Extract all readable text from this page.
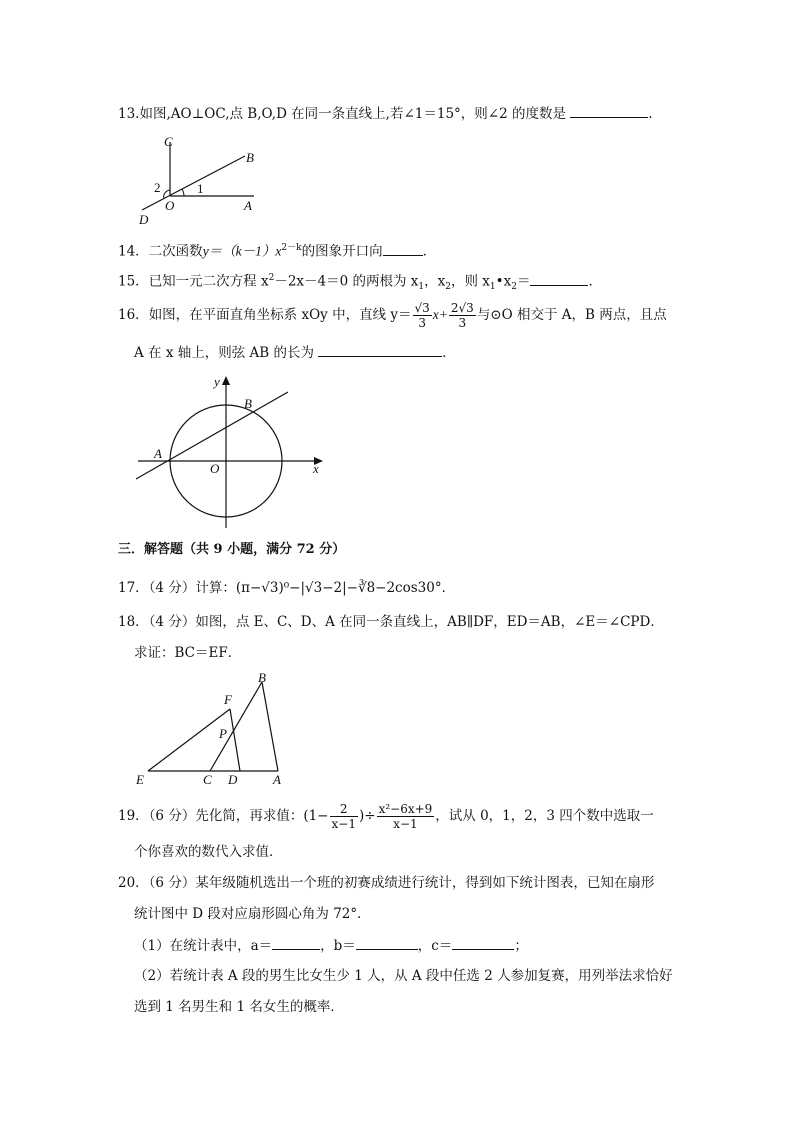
13.如图,AO⊥OC,点 B,O,D 在同一条直线上,若∠1＝15°，则∠2 的度数是	.
C
B
2	1
D
O	A
14．二次函数$y=(k-1)x^{2-k}$的图象开口向	．
15．已知一元二次方程 $x^2-2x-4=0$ 的两根为 $x_1$，$x_2$，则 $x_1•x_2=$	．
16．如图，在平面直角坐标系 xOy 中，直线 $y= \frac{√3}{3} x+ \frac{2√3}{3}$ 与⊙O 相交于 A，B 两点，且点
A 在 x 轴上，则弦 AB 的长为	．
y
B
A
O	x
三．解答题（共 9 小题，满分 72 分）
17．（4 分）计算：(π−√3)⁰−|√3−2|−∛8−2cos30°．
18．（4 分）如图，点 E、C、D、A 在同一条直线上，AB∥DF，ED＝AB，∠E＝∠CPD．
求证：BC＝EF．
B
F
P
E	C D	A
19．（6 分）先化简，再求值：($1- \frac{2}{x-1}$ )÷ $\frac{\text{x²−6x+9}}{x-1}$ ，试从 0，1，2，3 四个数中选取一
个你喜欢的数代入求值．
20．（6 分）某年级随机选出一个班的初赛成绩进行统计，得到如下统计图表，已知在扇形
统计图中 D 段对应扇形圆心角为 72°．
（1）在统计表中，a＝	，b＝	，c＝	；
（2）若统计表 A 段的男生比女生少 1 人，从 A 段中任选 2 人参加复赛，用列举法求恰好
选到 1 名男生和 1 名女生的概率．
